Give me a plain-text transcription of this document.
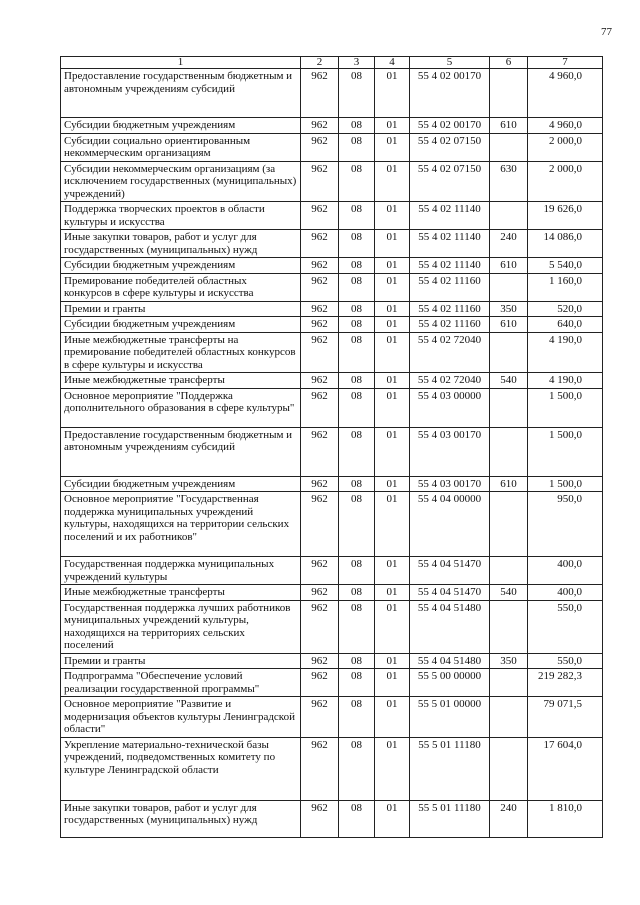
77
1	2	3	4	5	6	7
Предоставление государственным бюджетным и автономным учреждениям субсидий	962	08	01	55 4 02 00170		4 960,0
Субсидии бюджетным учреждениям	962	08	01	55 4 02 00170	610	4 960,0
Субсидии социально ориентированным некоммерческим организациям	962	08	01	55 4 02 07150		2 000,0
Субсидии некоммерческим организациям (за исключением государственных (муниципальных) учреждений)	962	08	01	55 4 02 07150	630	2 000,0
Поддержка творческих проектов в области культуры и искусства	962	08	01	55 4 02 11140		19 626,0
Иные закупки товаров, работ и услуг для государственных (муниципальных) нужд	962	08	01	55 4 02 11140	240	14 086,0
Субсидии бюджетным учреждениям	962	08	01	55 4 02 11140	610	5 540,0
Премирование победителей областных конкурсов в сфере культуры и искусства	962	08	01	55 4 02 11160		1 160,0
Премии и гранты	962	08	01	55 4 02 11160	350	520,0
Субсидии бюджетным учреждениям	962	08	01	55 4 02 11160	610	640,0
Иные межбюджетные трансферты на премирование победителей областных конкурсов в сфере культуры и искусства	962	08	01	55 4 02 72040		4 190,0
Иные межбюджетные трансферты	962	08	01	55 4 02 72040	540	4 190,0
Основное мероприятие "Поддержка дополнительного образования в сфере культуры"	962	08	01	55 4 03 00000		1 500,0
Предоставление государственным бюджетным и автономным учреждениям субсидий	962	08	01	55 4 03 00170		1 500,0
Субсидии бюджетным учреждениям	962	08	01	55 4 03 00170	610	1 500,0
Основное мероприятие "Государственная поддержка муниципальных учреждений культуры, находящихся на территории сельских поселений и их работников"	962	08	01	55 4 04 00000		950,0
Государственная поддержка муниципальных учреждений культуры	962	08	01	55 4 04 51470		400,0
Иные межбюджетные трансферты	962	08	01	55 4 04 51470	540	400,0
Государственная поддержка лучших работников муниципальных учреждений культуры, находящихся на территориях сельских поселений	962	08	01	55 4 04 51480		550,0
Премии и гранты	962	08	01	55 4 04 51480	350	550,0
Подпрограмма "Обеспечение условий реализации государственной программы"	962	08	01	55 5 00 00000		219 282,3
Основное мероприятие "Развитие и модернизация объектов культуры Ленинградской области"	962	08	01	55 5 01 00000		79 071,5
Укрепление материально-технической базы учреждений, подведомственных комитету по культуре Ленинградской области	962	08	01	55 5 01 11180		17 604,0
Иные закупки товаров, работ и услуг для государственных (муниципальных) нужд	962	08	01	55 5 01 11180	240	1 810,0
